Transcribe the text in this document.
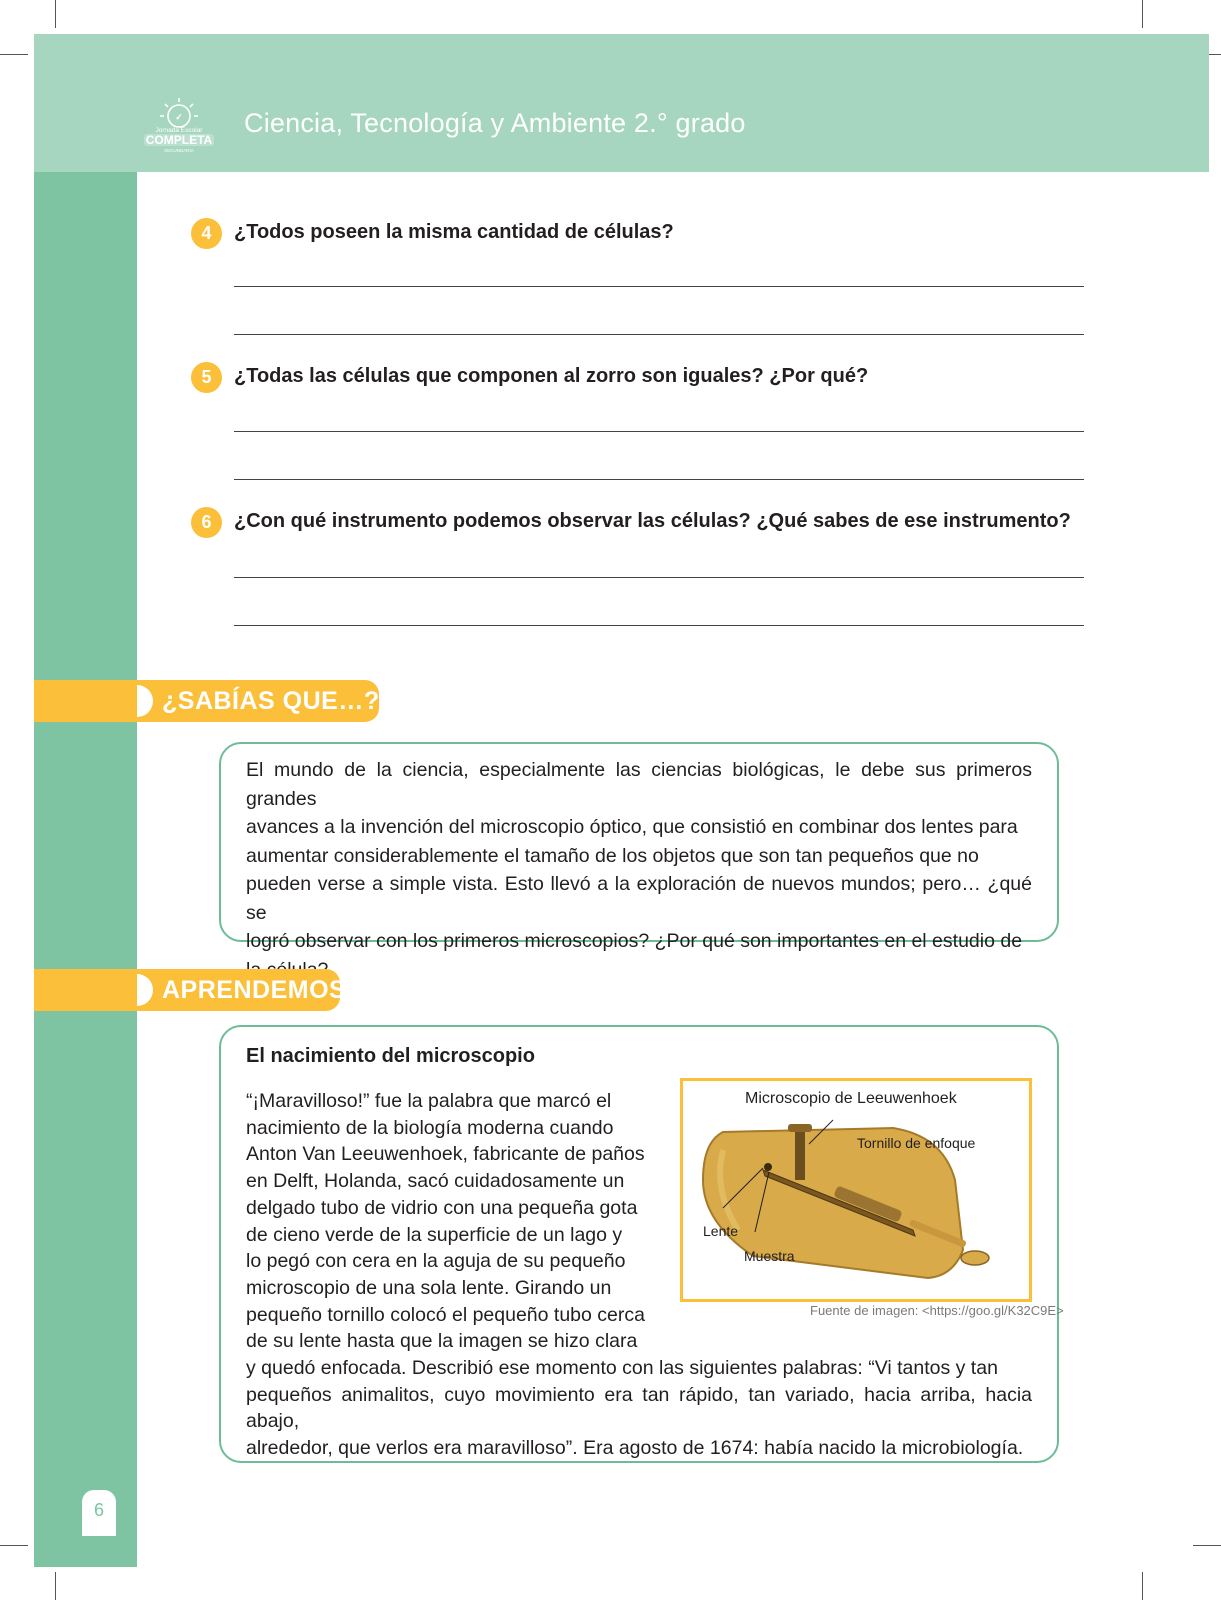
✓
Jornada Escolar
COMPLETA
SECUNDARIA
Ciencia, Tecnología y Ambiente 2.° grado
6
4	¿Todos poseen la misma cantidad de células?
5	¿Todas las células que componen al zorro son iguales? ¿Por qué?
6	¿Con qué instrumento podemos observar las células? ¿Qué sabes de ese instrumento?
¿SABÍAS QUE…?
El mundo de la ciencia, especialmente las ciencias biológicas, le debe sus primeros grandes
avances a la invención del microscopio óptico, que consistió en combinar dos lentes para
aumentar considerablemente el tamaño de los objetos que son tan pequeños que no
pueden verse a simple vista. Esto llevó a la exploración de nuevos mundos; pero… ¿qué se
logró observar con los primeros microscopios? ¿Por qué son importantes en el estudio de
APRENDEMOS
El nacimiento del microscopio
“¡Maravilloso!” fue la palabra que marcó el
nacimiento de la biología moderna cuando
Anton Van Leeuwenhoek, fabricante de paños
en Delft, Holanda, sacó cuidadosamente un
delgado tubo de vidrio con una pequeña gota
de cieno verde de la superficie de un lago y
lo pegó con cera en la aguja de su pequeño
microscopio de una sola lente. Girando un
pequeño tornillo colocó el pequeño tubo cerca
de su lente hasta que la imagen se hizo clara
y quedó enfocada. Describió ese momento con las siguientes palabras: “Vi tantos y tan
pequeños animalitos, cuyo movimiento era tan rápido, tan variado, hacia arriba, hacia abajo,
alrededor, que verlos era maravilloso”. Era agosto de 1674: había nacido la microbiología.
Microscopio de Leeuwenhoek
Tornillo de enfoque
Lente
Muestra
Fuente de imagen: <https://goo.gl/K32C9E>
